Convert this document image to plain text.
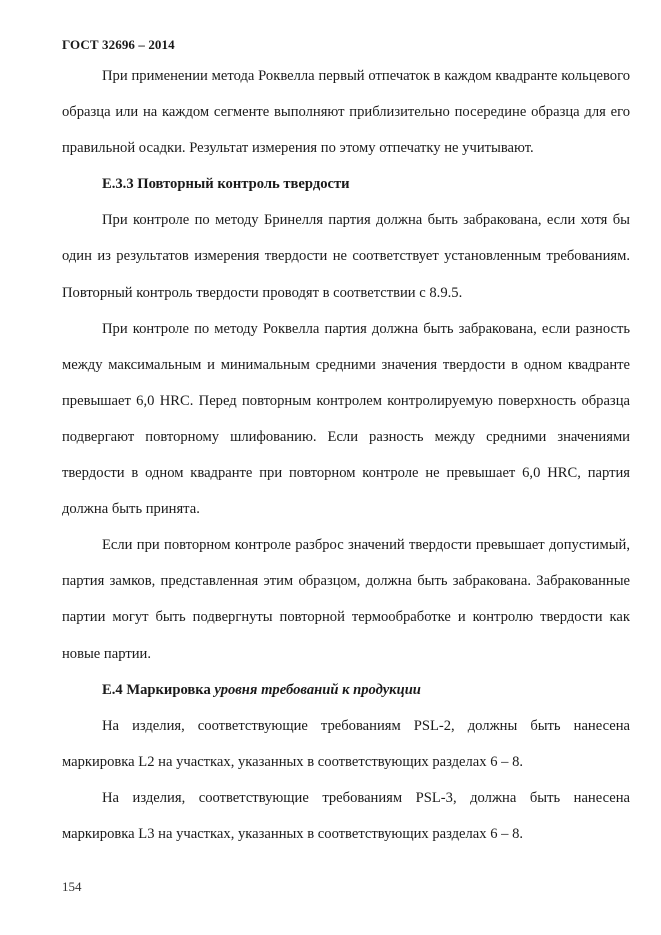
ГОСТ 32696 – 2014

При применении метода Роквелла первый отпечаток в каждом квадранте кольцевого образца или на каждом сегменте выполняют приблизительно посередине образца для его правильной осадки. Результат измерения по этому отпечатку не учитывают.

Е.3.3 Повторный контроль твердости

При контроле по методу Бринелля партия должна быть забракована, если хотя бы один из результатов измерения твердости не соответствует установленным требованиям. Повторный контроль твердости проводят в соответствии с 8.9.5.

При контроле по методу Роквелла партия должна быть забракована, если разность между максимальным и минимальным средними значения твердости в одном квадранте превышает 6,0 HRC. Перед повторным контролем контролируемую поверхность образца подвергают повторному шлифованию. Если разность между средними значениями твердости в одном квадранте при повторном контроле не превышает 6,0 HRC, партия должна быть принята.

Если при повторном контроле разброс значений твердости превышает допустимый, партия замков, представленная этим образцом, должна быть забракована. Забракованные партии могут быть подвергнуты повторной термообработке и контролю твердости как новые партии.

Е.4 Маркировка уровня требований к продукции

На изделия, соответствующие требованиям PSL-2, должны быть нанесена маркировка L2 на участках, указанных в соответствующих разделах 6 – 8.

На изделия, соответствующие требованиям PSL-3, должна быть нанесена маркировка L3 на участках, указанных в соответствующих разделах 6 – 8.

154
